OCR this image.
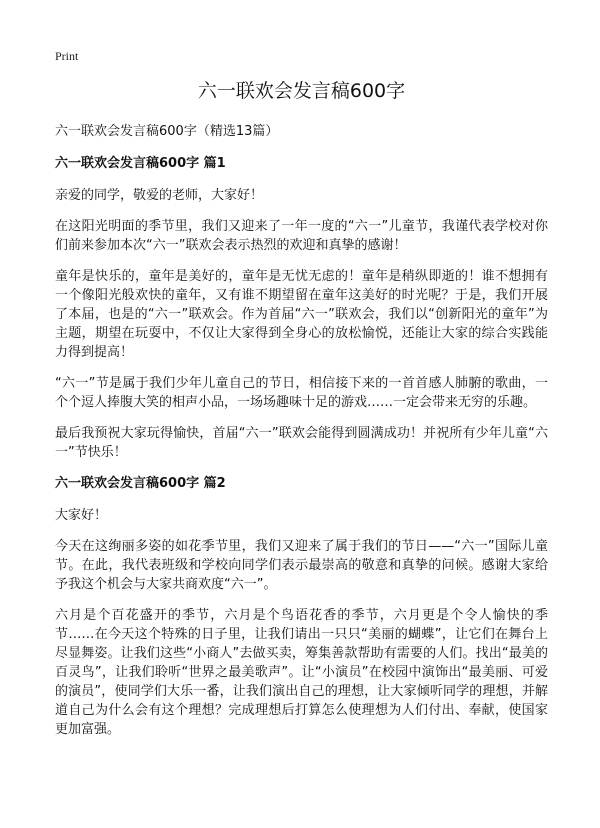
Print
六一联欢会发言稿600字

六一联欢会发言稿600字（精选13篇）

六一联欢会发言稿600字 篇1

亲爱的同学，敬爱的老师，大家好！

在这阳光明面的季节里，我们又迎来了一年一度的“六一”儿童节，我谨代表学校对你们前来参加本次“六一”联欢会表示热烈的欢迎和真挚的感谢！

童年是快乐的，童年是美好的，童年是无忧无虑的！童年是稍纵即逝的！谁不想拥有一个像阳光般欢快的童年，又有谁不期望留在童年这美好的时光呢？于是，我们开展了本届，也是的“六一”联欢会。作为首届“六一”联欢会，我们以“创新阳光的童年”为主题，期望在玩耍中，不仅让大家得到全身心的放松愉悦，还能让大家的综合实践能力得到提高！

“六一”节是属于我们少年儿童自己的节日，相信接下来的一首首感人肺腑的歌曲，一个个逗人捧腹大笑的相声小品，一场场趣味十足的游戏……一定会带来无穷的乐趣。

最后我预祝大家玩得愉快，首届“六一”联欢会能得到圆满成功！并祝所有少年儿童“六一”节快乐！

六一联欢会发言稿600字 篇2

大家好！

今天在这绚丽多姿的如花季节里，我们又迎来了属于我们的节日——“六一”国际儿童节。在此，我代表班级和学校向同学们表示最崇高的敬意和真挚的问候。感谢大家给予我这个机会与大家共商欢度“六一”。

六月是个百花盛开的季节，六月是个鸟语花香的季节，六月更是个令人愉快的季节……在今天这个特殊的日子里，让我们请出一只只“美丽的蝴蝶”，让它们在舞台上尽显舞姿。让我们这些“小商人”去做买卖，筹集善款帮助有需要的人们。找出“最美的百灵鸟”，让我们聆听“世界之最美歌声”。让“小演员”在校园中演饰出“最美丽、可爱的演员”，使同学们大乐一番，让我们演出自己的理想，让大家倾听同学的理想，并解道自己为什么会有这个理想？完成理想后打算怎么使理想为人们付出、奉献，使国家更加富强。
